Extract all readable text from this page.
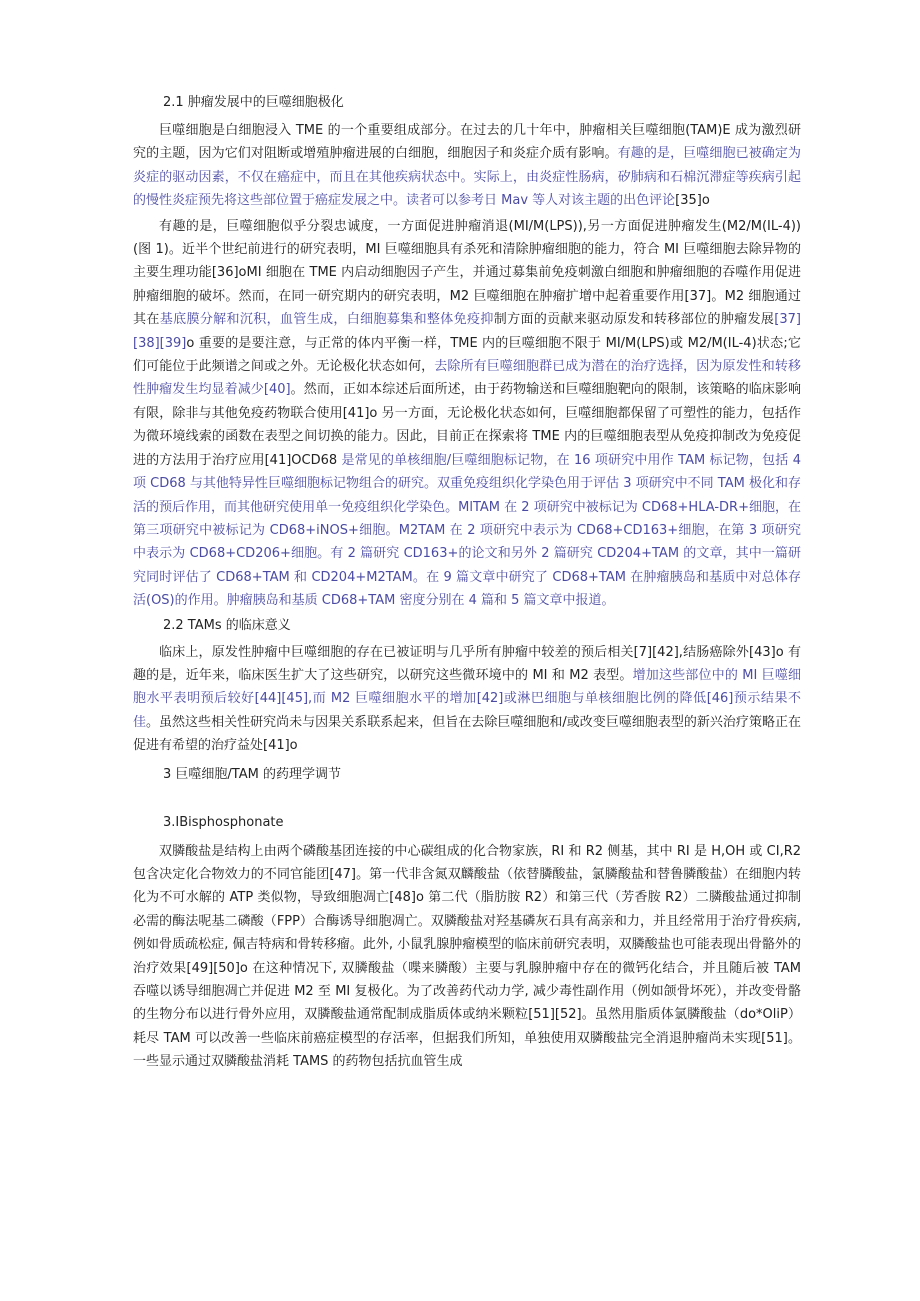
2.1 肿瘤发展中的巨噬细胞极化

巨噬细胞是白细胞浸入 TME 的一个重要组成部分。在过去的几十年中，肿瘤相关巨噬细胞(TAM)E 成为激烈研究的主题，因为它们对阻断或增殖肿瘤进展的白细胞，细胞因子和炎症介质有影响。有趣的是，巨噬细胞已被确定为炎症的驱动因素，不仅在癌症中，而且在其他疾病状态中。实际上，由炎症性肠病，矽肺病和石棉沉滞症等疾病引起的慢性炎症预先将这些部位置于癌症发展之中。读者可以参考日 Mav 等人对该主题的出色评论[35]o

有趣的是，巨噬细胞似乎分裂忠诚度，一方面促进肿瘤消退(MI/M(LPS)),另一方面促进肿瘤发生(M2/M(IL-4))(图 1)。近半个世纪前进行的研究表明，MI 巨噬细胞具有杀死和清除肿瘤细胞的能力，符合 MI 巨噬细胞去除异物的主要生理功能[36]oMI 细胞在 TME 内启动细胞因子产生，并通过募集前免疫刺激白细胞和肿瘤细胞的吞噬作用促进肿瘤细胞的破坏。然而，在同一研究期内的研究表明，M2 巨噬细胞在肿瘤扩增中起着重要作用[37]。M2 细胞通过其在基底膜分解和沉积，血管生成，白细胞募集和整体免疫抑制方面的贡献来驱动原发和转移部位的肿瘤发展[37][38][39]o 重要的是要注意，与正常的体内平衡一样，TME 内的巨噬细胞不限于 MI/M(LPS)或 M2/M(IL-4)状态;它们可能位于此频谱之间或之外。无论极化状态如何，去除所有巨噬细胞群已成为潜在的治疗选择，因为原发性和转移性肿瘤发生均显着减少[40]。然而，正如本综述后面所述，由于药物输送和巨噬细胞靶向的限制，该策略的临床影响有限，除非与其他免疫药物联合使用[41]o 另一方面，无论极化状态如何，巨噬细胞都保留了可塑性的能力，包括作为微环境线索的函数在表型之间切换的能力。因此，目前正在探索将 TME 内的巨噬细胞表型从免疫抑制改为免疫促进的方法用于治疗应用[41]OCD68 是常见的单核细胞/巨噬细胞标记物，在 16 项研究中用作 TAM 标记物，包括 4 项 CD68 与其他特异性巨噬细胞标记物组合的研究。双重免疫组织化学染色用于评估 3 项研究中不同 TAM 极化和存活的预后作用，而其他研究使用单一免疫组织化学染色。MlTAM 在 2 项研究中被标记为 CD68+HLA-DR+细胞，在第三项研究中被标记为 CD68+iNOS+细胞。M2TAM 在 2 项研究中表示为 CD68+CD163+细胞，在第 3 项研究中表示为 CD68+CD206+细胞。有 2 篇研究 CD163+的论文和另外 2 篇研究 CD204+TAM 的文章，其中一篇研究同时评估了 CD68+TAM 和 CD204+M2TAM。在 9 篇文章中研究了 CD68+TAM 在肿瘤胰岛和基质中对总体存活(OS)的作用。肿瘤胰岛和基质 CD68+TAM 密度分别在 4 篇和 5 篇文章中报道。

2.2 TAMs 的临床意义

临床上，原发性肿瘤中巨噬细胞的存在已被证明与几乎所有肿瘤中较差的预后相关[7][42],结肠癌除外[43]o 有趣的是，近年来，临床医生扩大了这些研究，以研究这些微环境中的 MI 和 M2 表型。增加这些部位中的 MI 巨噬细胞水平表明预后较好[44][45],而 M2 巨噬细胞水平的增加[42]或淋巴细胞与单核细胞比例的降低[46]预示结果不佳。虽然这些相关性研究尚未与因果关系联系起来，但旨在去除巨噬细胞和/或改变巨噬细胞表型的新兴治疗策略正在促进有希望的治疗益处[41]o

3 巨噬细胞/TAM 的药理学调节

3.IBisphosphonate

双膦酸盐是结构上由两个磷酸基团连接的中心碳组成的化合物家族，RI 和 R2 侧基，其中 RI 是 H,OH 或 CI,R2 包含决定化合物效力的不同官能团[47]。第一代非含氮双麟酸盐（依替膦酸盐，氯膦酸盐和替鲁膦酸盐）在细胞内转化为不可水解的 ATP 类似物，导致细胞凋亡[48]o 第二代（脂肪胺 R2）和第三代（芳香胺 R2）二膦酸盐通过抑制必需的酶法呢基二磷酸（FPP）合酶诱导细胞凋亡。双膦酸盐对羟基磷灰石具有高亲和力，并且经常用于治疗骨疾病, 例如骨质疏松症, 佩吉特病和骨转移瘤。此外, 小鼠乳腺肿瘤模型的临床前研究表明，双膦酸盐也可能表现出骨骼外的治疗效果[49][50]o 在这种情况下, 双膦酸盐（喋来膦酸）主要与乳腺肿瘤中存在的微钙化结合，并且随后被 TAM 吞噬以诱导细胞凋亡并促进 M2 至 MI 复极化。为了改善药代动力学, 减少毒性副作用（例如颌骨坏死），并改变骨骼的生物分布以进行骨外应用，双膦酸盐通常配制成脂质体或纳米颗粒[51][52]。虽然用脂质体氯膦酸盐（do*OliP）耗尽 TAM 可以改善一些临床前癌症模型的存活率，但据我们所知，单独使用双膦酸盐完全消退肿瘤尚未实现[51]。一些显示通过双膦酸盐消耗 TAMS 的药物包括抗血管生成
